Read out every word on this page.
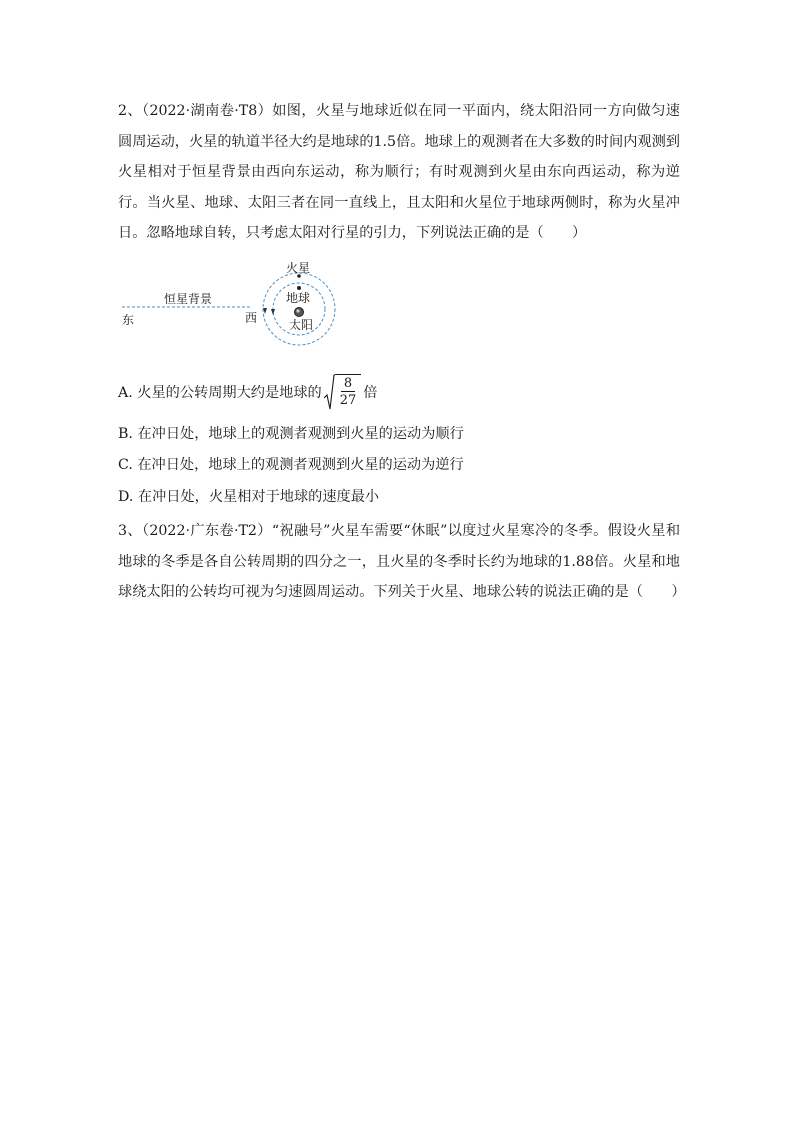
2、（2022·湖南卷·T8）如图，火星与地球近似在同一平面内，绕太阳沿同一方向做匀速圆周运动，火星的轨道半径大约是地球的1.5倍。地球上的观测者在大多数的时间内观测到火星相对于恒星背景由西向东运动，称为顺行；有时观测到火星由东向西运动，称为逆行。当火星、地球、太阳三者在同一直线上，且太阳和火星位于地球两侧时，称为火星冲日。忽略地球自转，只考虑太阳对行星的引力，下列说法正确的是（　　）
火星
地球
太阳
恒星背景
东	西
A. 火星的公转周期大约是地球的 $\frac{8}{27}$ 倍
B. 在冲日处，地球上的观测者观测到火星的运动为顺行
C. 在冲日处，地球上的观测者观测到火星的运动为逆行
D. 在冲日处，火星相对于地球的速度最小
3、（2022·广东卷·T2）“祝融号”火星车需要“休眠”以度过火星寒冷的冬季。假设火星和地球的冬季是各自公转周期的四分之一，且火星的冬季时长约为地球的1.88倍。火星和地球绕太阳的公转均可视为匀速圆周运动。下列关于火星、地球公转的说法正确的是（　　）
